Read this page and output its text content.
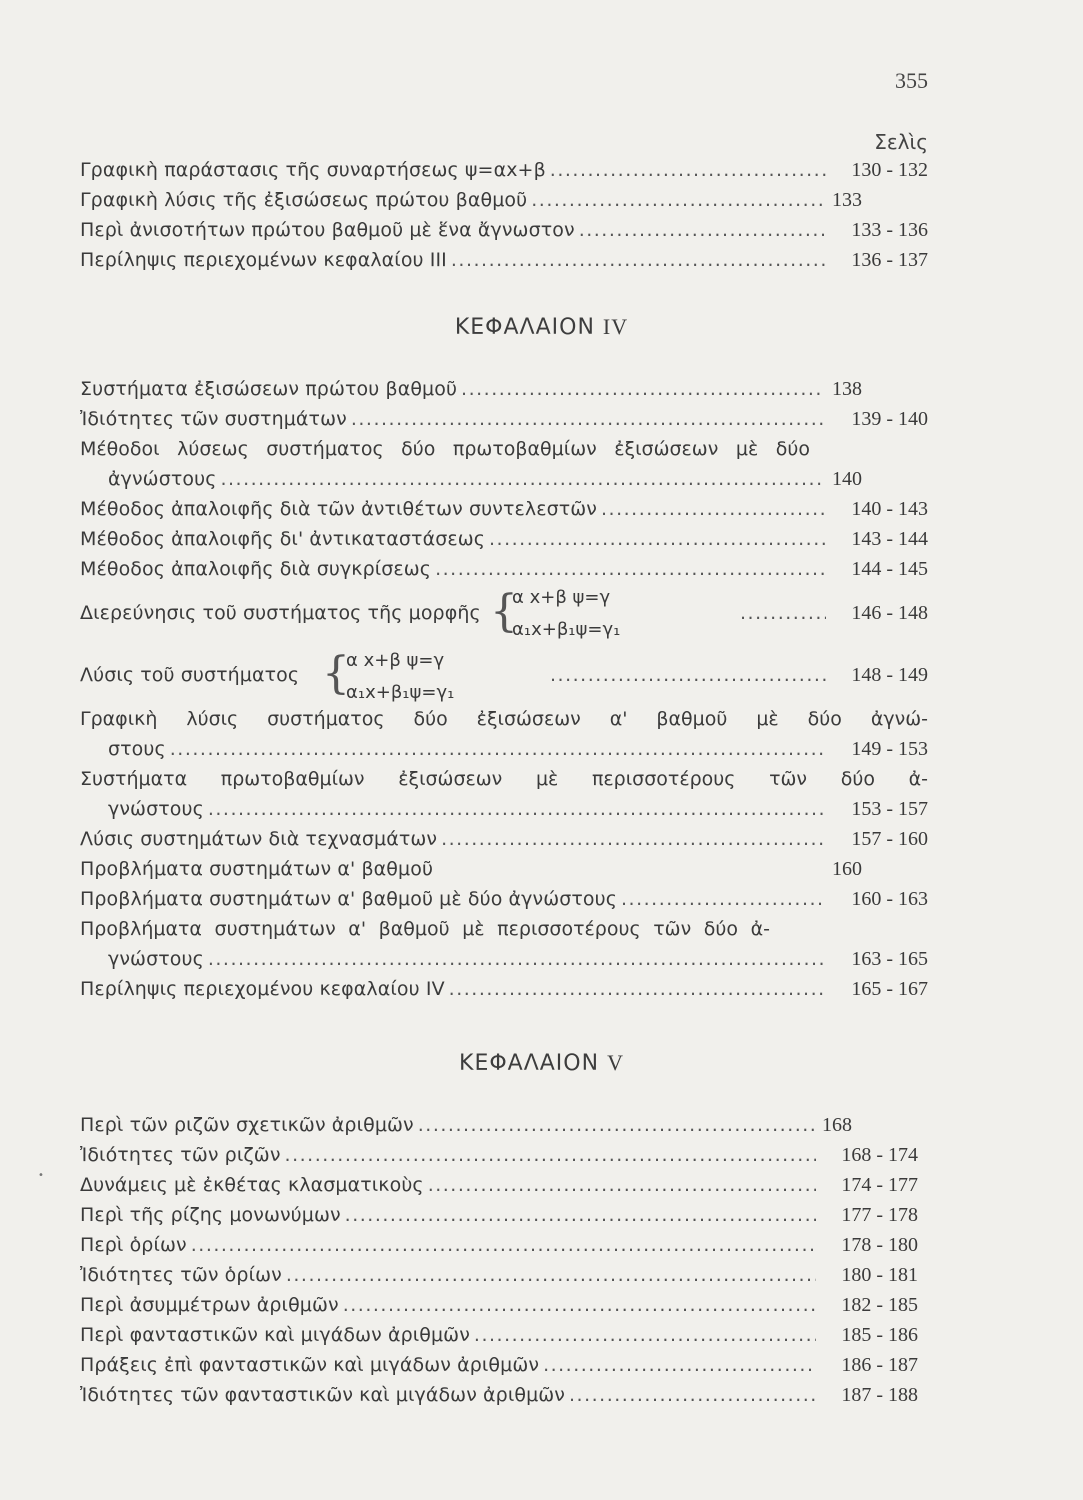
355
Σελὶς
Γραφικὴ παράστασις τῆς συναρτήσεως ψ=αx+β .....	130 - 132
Γραφικὴ λύσις τῆς ἐξισώσεως πρώτου βαθμοῦ .....	133
Περὶ ἀνισοτήτων πρώτου βαθμοῦ μὲ ἕνα ἄγνωστον .....	133 - 136
Περίληψις περιεχομένων κεφαλαίου ΙΙΙ .....	136 - 137
ΚΕΦΑΛΑΙΟΝ IV
Συστήματα ἐξισώσεων πρώτου βαθμοῦ .....	138
Ἰδιότητες τῶν συστημάτων .....	139 - 140
Μέθοδοι λύσεως συστήματος δύο πρωτοβαθμίων ἐξισώσεων μὲ δύο
ἀγνώστους .....	140
Μέθοδος ἀπαλοιφῆς διὰ τῶν ἀντιθέτων συντελεστῶν .....	140 - 143
Μέθοδος ἀπαλοιφῆς δι' ἀντικαταστάσεως .....	143 - 144
Μέθοδος ἀπαλοιφῆς διὰ συγκρίσεως .....	144 - 145
Διερεύνησις τοῦ συστήματος τῆς μορφῆς .....	146 - 148
{
α x+β ψ=γ
α₁x+β₁ψ=γ₁
Λύσις τοῦ συστήματος .....	148 - 149
{
α x+β ψ=γ
α₁x+β₁ψ=γ₁
Γραφικὴ λύσις συστήματος δύο ἐξισώσεων α' βαθμοῦ μὲ δύο ἀγνώ-
στους .....	149 - 153
Συστήματα πρωτοβαθμίων ἐξισώσεων μὲ περισσοτέρους τῶν δύο ἀ-
γνώστους .....	153 - 157
Λύσις συστημάτων διὰ τεχνασμάτων .....	157 - 160
Προβλήματα συστημάτων α' βαθμοῦ	160
Προβλήματα συστημάτων α' βαθμοῦ μὲ δύο ἀγνώστους .....	160 - 163
Προβλήματα συστημάτων α' βαθμοῦ μὲ περισσοτέρους τῶν δύο ἀ-
γνώστους .....	163 - 165
Περίληψις περιεχομένου κεφαλαίου IV .....	165 - 167
ΚΕΦΑΛΑΙΟΝ V
Περὶ τῶν ριζῶν σχετικῶν ἀριθμῶν .....	168
Ἰδιότητες τῶν ριζῶν .....	168 - 174
Δυνάμεις μὲ ἐκθέτας κλασματικοὺς .....	174 - 177
Περὶ τῆς ρίζης μονωνύμων .....	177 - 178
Περὶ ὁρίων .....	178 - 180
Ἰδιότητες τῶν ὁρίων .....	180 - 181
Περὶ ἀσυμμέτρων ἀριθμῶν .....	182 - 185
Περὶ φανταστικῶν καὶ μιγάδων ἀριθμῶν .....	185 - 186
Πράξεις ἐπὶ φανταστικῶν καὶ μιγάδων ἀριθμῶν .....	186 - 187
Ἰδιότητες τῶν φανταστικῶν καὶ μιγάδων ἀριθμῶν .....	187 - 188
•
